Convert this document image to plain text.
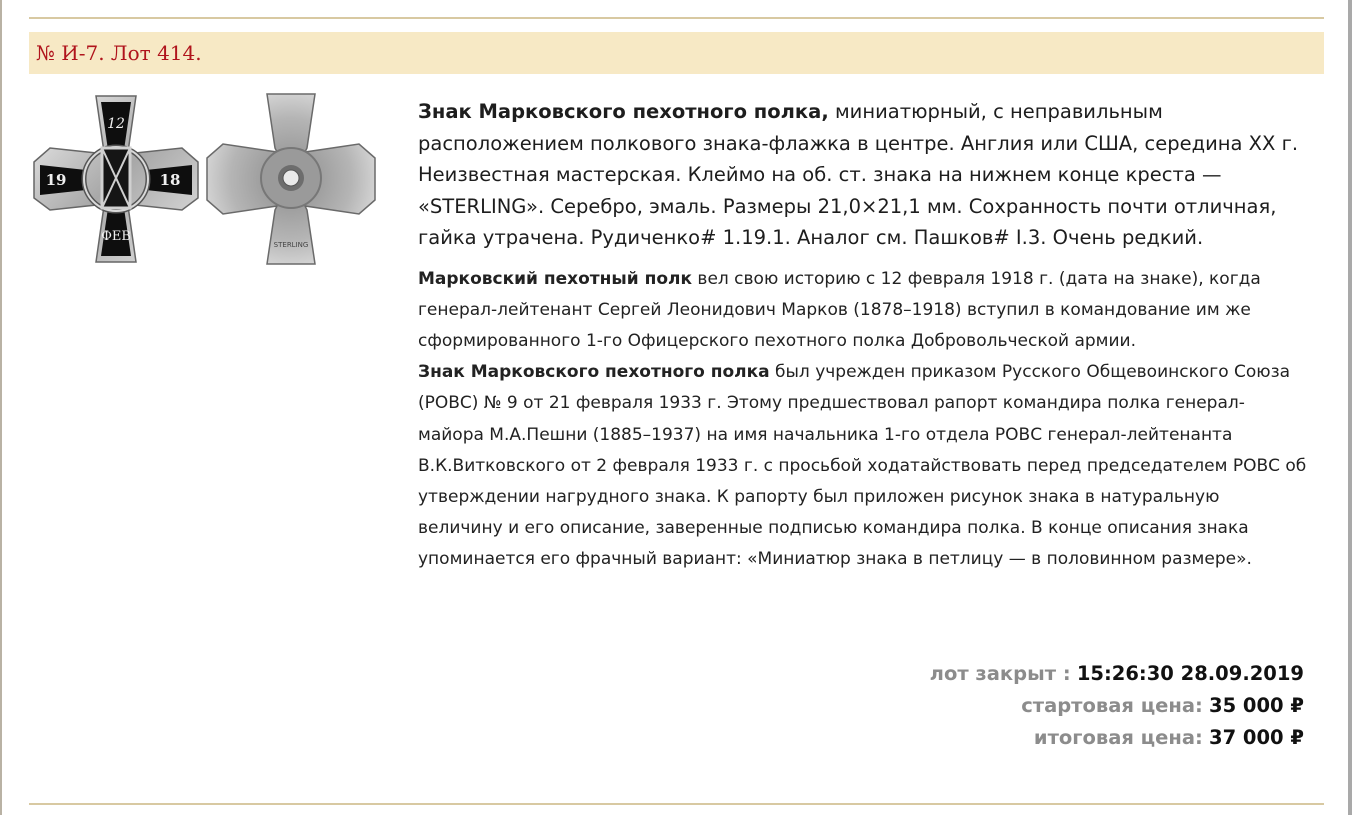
№ И-7. Лот 414.
12
19	18
ФЕВ
STERLING

Знак Марковского пехотного полка, миниатюрный, с неправильным расположением полкового знака-флажка в центре. Англия или США, середина XX г. Неизвестная мастерская. Клеймо на об. ст. знака на нижнем конце креста — «STERLING». Серебро, эмаль. Размеры 21,0×21,1 мм. Сохранность почти отличная, гайка утрачена. Рудиченко# 1.19.1. Аналог см. Пашков# I.3. Очень редкий.

Марковский пехотный полк вел свою историю с 12 февраля 1918 г. (дата на знаке), когда генерал-лейтенант Сергей Леонидович Марков (1878–1918) вступил в командование им же сформированного 1-го Офицерского пехотного полка Добровольческой армии.

Знак Марковского пехотного полка был учрежден приказом Русского Общевоинского Союза (РОВС) № 9 от 21 февраля 1933 г. Этому предшествовал рапорт командира полка генерал-майора М.А.Пешни (1885–1937) на имя начальника 1-го отдела РОВС генерал-лейтенанта В.К.Витковского от 2 февраля 1933 г. с просьбой ходатайствовать перед председателем РОВС об утверждении нагрудного знака. К рапорту был приложен рисунок знака в натуральную величину и его описание, заверенные подписью командира полка. В конце описания знака упоминается его фрачный вариант: «Миниатюр знака в петлицу — в половинном размере».

лот закрыт : 15:26:30 28.09.2019
стартовая цена: 35 000 ₽
итоговая цена: 37 000 ₽
